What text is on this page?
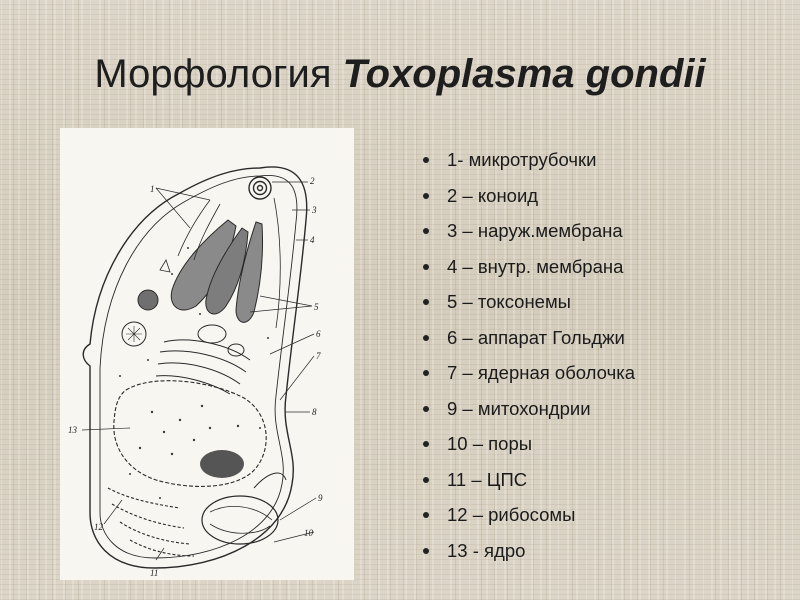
Морфология Toxoplasma gondii
1
2
3
4
5
6
7
8
9
10
11
12
13
1- микротрубочки
2 – коноид
3 – наруж.мембрана
4 – внутр. мембрана
5 – токсонемы
6 – аппарат Гольджи
7 – ядерная оболочка
9 – митохондрии
10 – поры
11 – ЦПС
12 – рибосомы
13 - ядро
